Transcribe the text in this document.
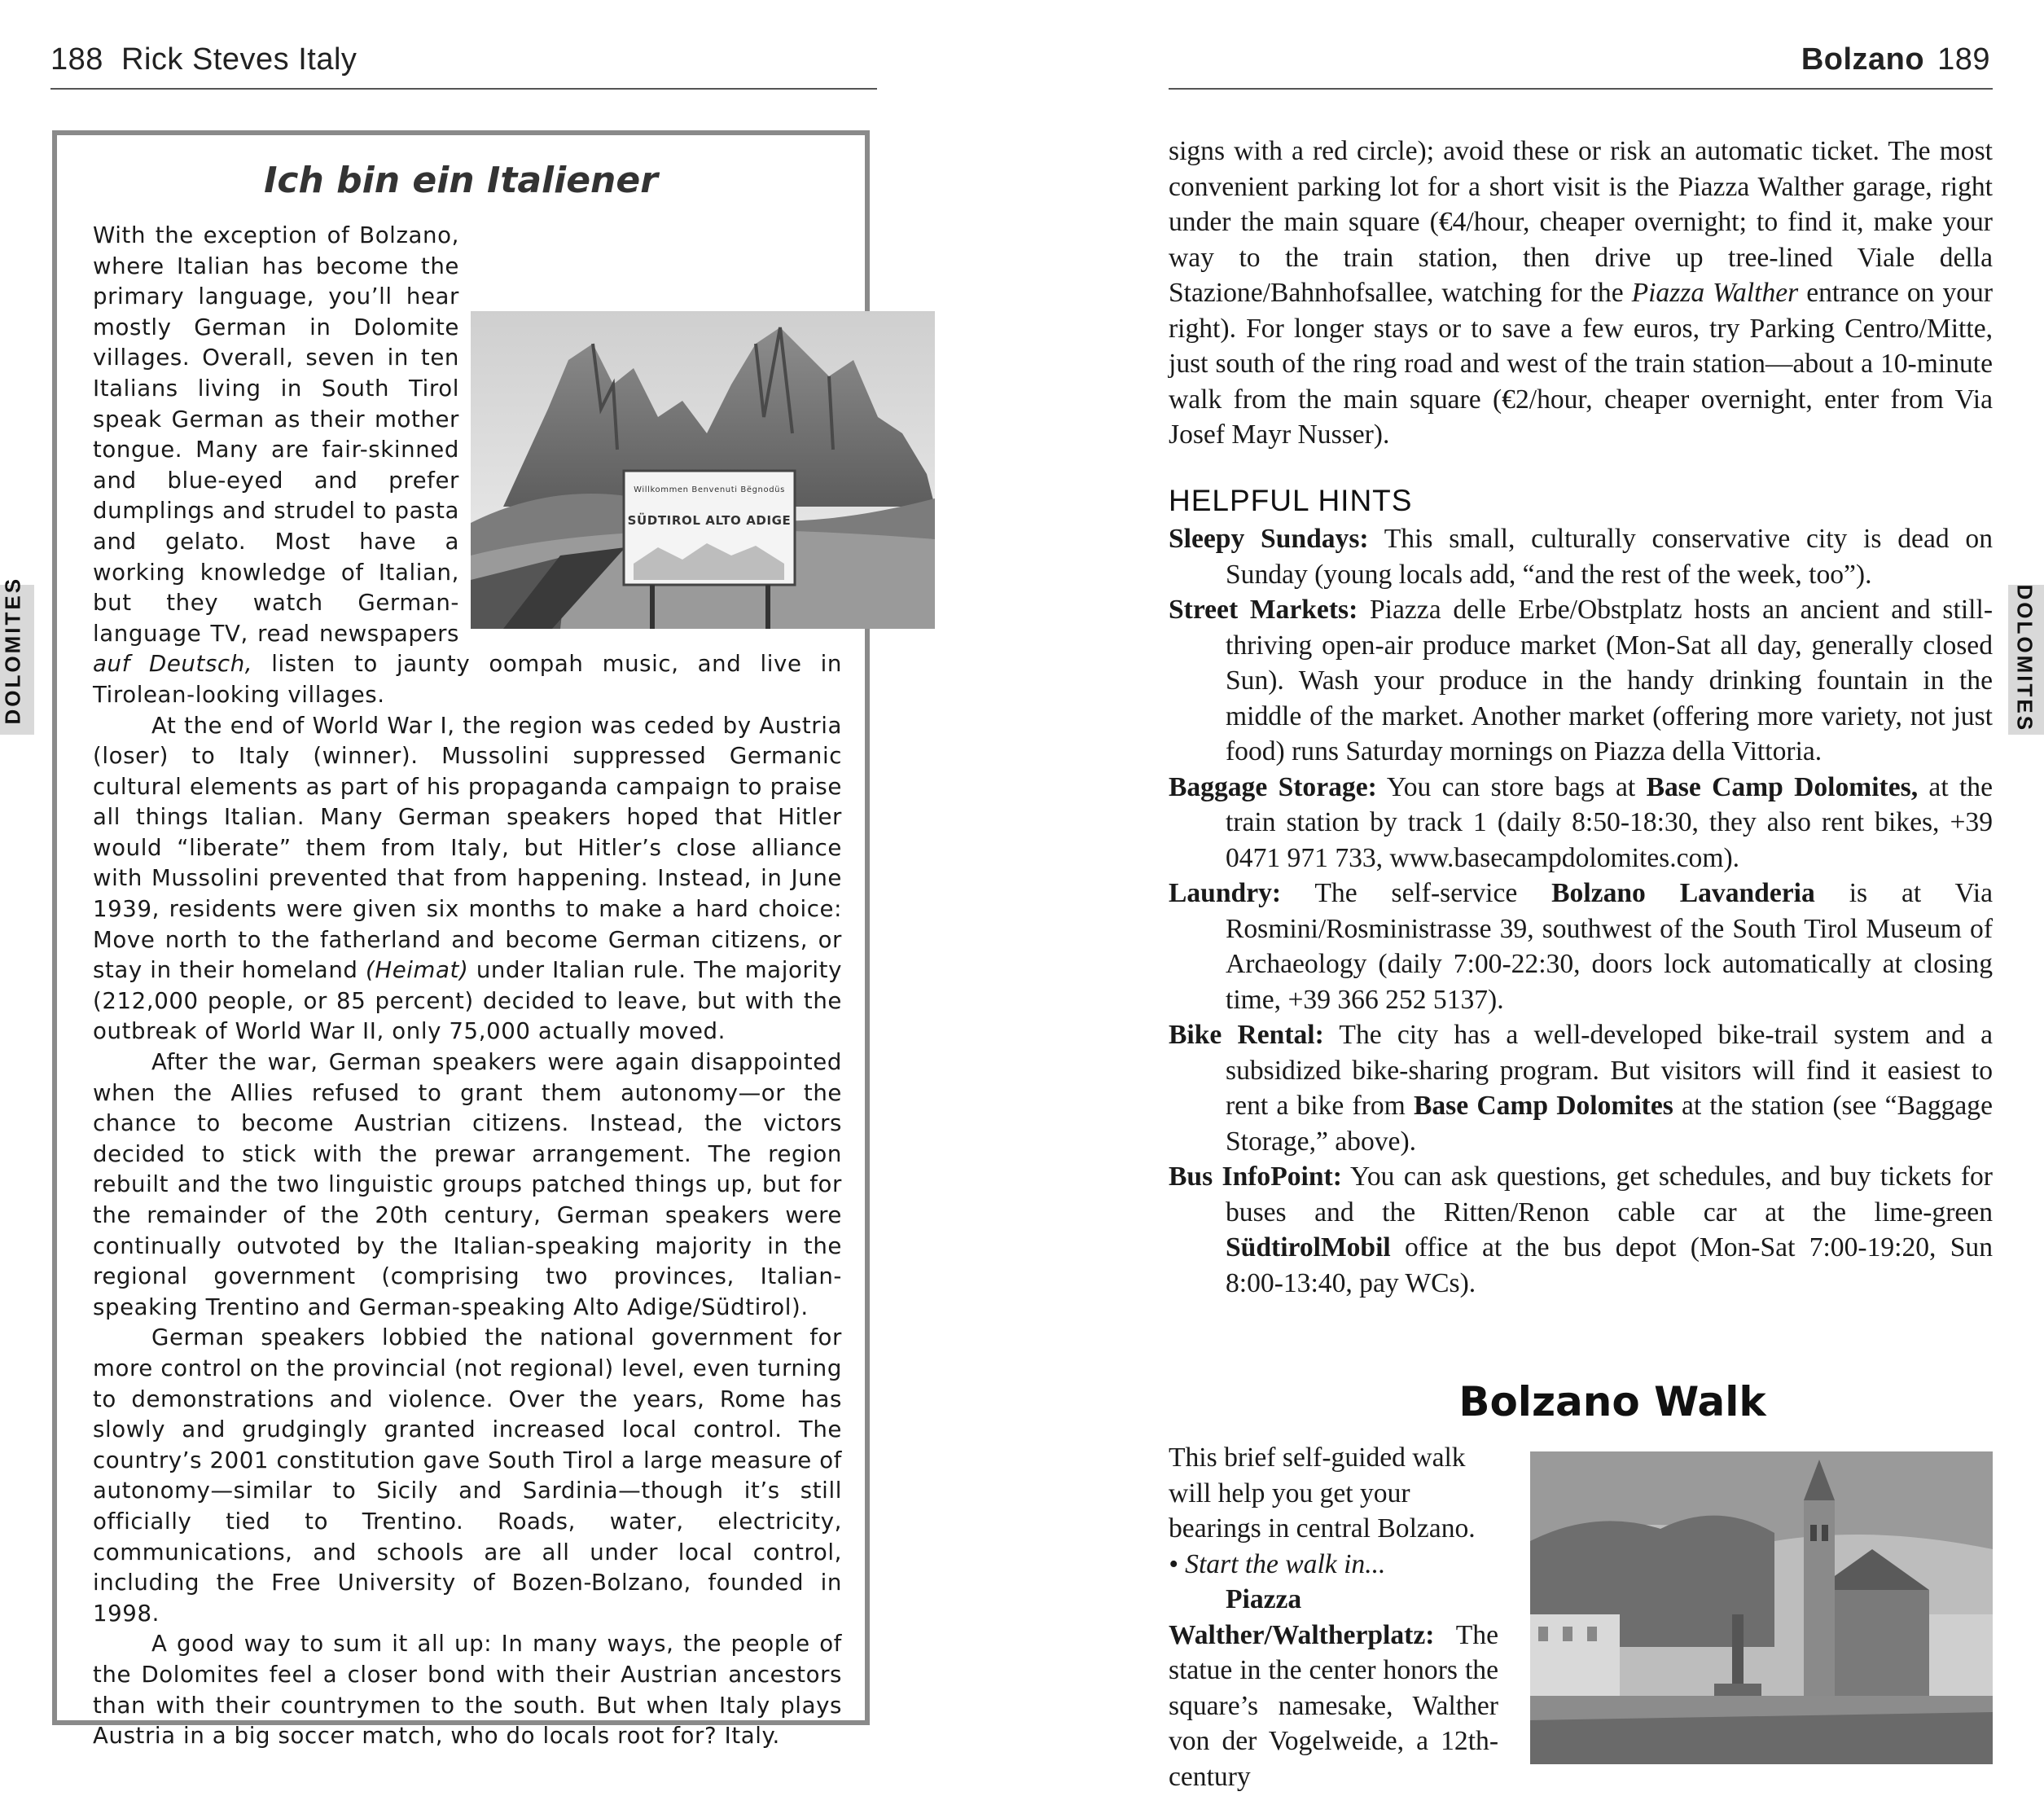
188 Rick Steves Italy
DOLOMITES
Ich bin ein Italiener

Willkommen Benvenuti Bëgnodüs
SÜDTIROL ALTO ADIGE
With the exception of Bolzano, where Italian has become the primary language, you’ll hear mostly German in Dolomite villages. Overall, seven in ten Italians living in South Tirol speak German as their mother tongue. Many are fair-skinned and blue-eyed and prefer dumplings and strudel to pasta and gelato. Most have a working knowledge of Italian, but they watch German-language TV, read newspapers auf Deutsch, listen to jaunty oompah music, and live in Tirolean-looking villages.

At the end of World War I, the region was ceded by Austria (loser) to Italy (winner). Mussolini suppressed Germanic cultural elements as part of his propaganda campaign to praise all things Italian. Many German speakers hoped that Hitler would “liberate” them from Italy, but Hitler’s close alliance with Mussolini prevented that from happening. Instead, in June 1939, residents were given six months to make a hard choice: Move north to the fatherland and become German citizens, or stay in their homeland (Heimat) under Italian rule. The majority (212,000 people, or 85 percent) decided to leave, but with the outbreak of World War II, only 75,000 actually moved.

After the war, German speakers were again disappointed when the Allies refused to grant them autonomy—or the chance to become Austrian citizens. Instead, the victors decided to stick with the prewar arrangement. The region rebuilt and the two linguistic groups patched things up, but for the remainder of the 20th century, German speakers were continually outvoted by the Italian-speaking majority in the regional government (comprising two provinces, Italian-speaking Trentino and German-speaking Alto Adige/Südtirol).

German speakers lobbied the national government for more control on the provincial (not regional) level, even turning to demonstrations and violence. Over the years, Rome has slowly and grudgingly granted increased local control. The country’s 2001 constitution gave South Tirol a large measure of autonomy—similar to Sicily and Sardinia—though it’s still officially tied to Trentino. Roads, water, electricity, communications, and schools are all under local control, including the Free University of Bozen-Bolzano, founded in 1998.

A good way to sum it all up: In many ways, the people of the Dolomites feel a closer bond with their Austrian ancestors than with their countrymen to the south. But when Italy plays Austria in a big soccer match, who do locals root for? Italy.

Bolzano 189
DOLOMITES

signs with a red circle); avoid these or risk an automatic ticket. The most convenient parking lot for a short visit is the Piazza Walther garage, right under the main square (€4/hour, cheaper overnight; to find it, make your way to the train station, then drive up tree-lined Viale della Stazione/Bahnhofsallee, watching for the Piazza Walther entrance on your right). For longer stays or to save a few euros, try Parking Centro/Mitte, just south of the ring road and west of the train station—about a 10-minute walk from the main square (€2/hour, cheaper overnight, enter from Via Josef Mayr Nusser).

HELPFUL HINTS

Sleepy Sundays: This small, culturally conservative city is dead on Sunday (young locals add, “and the rest of the week, too”).

Street Markets: Piazza delle Erbe/Obstplatz hosts an ancient and still-thriving open-air produce market (Mon-Sat all day, generally closed Sun). Wash your produce in the handy drinking fountain in the middle of the market. Another market (offering more variety, not just food) runs Saturday mornings on Piazza della Vittoria.

Baggage Storage: You can store bags at Base Camp Dolomites, at the train station by track 1 (daily 8:50-18:30, they also rent bikes, +39 0471 971 733, www.basecampdolomites.com).

Laundry: The self-service Bolzano Lavanderia is at Via Rosmini/Rosministrasse 39, southwest of the South Tirol Museum of Archaeology (daily 7:00-22:30, doors lock automatically at closing time, +39 366 252 5137).

Bike Rental: The city has a well-developed bike-trail system and a subsidized bike-sharing program. But visitors will find it easiest to rent a bike from Base Camp Dolomites at the station (see “Baggage Storage,” above).

Bus InfoPoint: You can ask questions, get schedules, and buy tickets for buses and the Ritten/Renon cable car at the lime-green SüdtirolMobil office at the bus depot (Mon-Sat 7:00-19:20, Sun 8:00-13:40, pay WCs).

Bolzano Walk

This brief self-guided walk will help you get your bearings in central Bolzano.

• Start the walk in...

Piazza Walther/Waltherplatz: The statue in the center honors the square’s namesake, Walther von der Vogelweide, a 12th-century
